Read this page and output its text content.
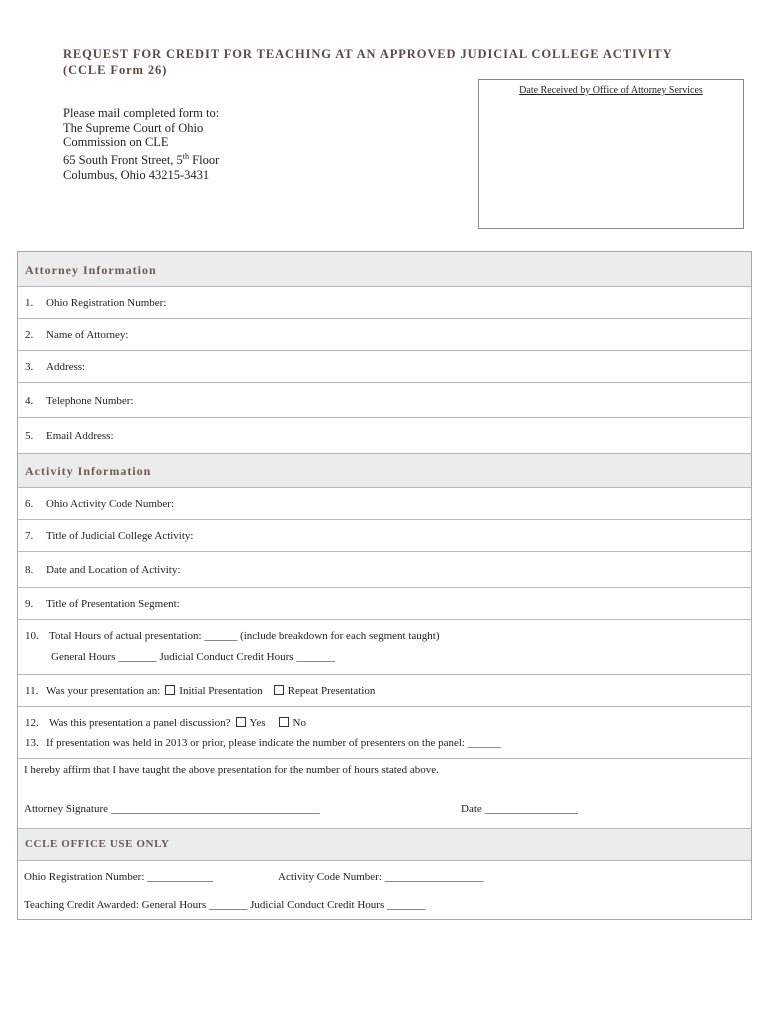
REQUEST FOR CREDIT FOR TEACHING AT AN APPROVED JUDICIAL COLLEGE ACTIVITY
(CCLE Form 26)
Please mail completed form to:
The Supreme Court of Ohio
Commission on CLE
65 South Front Street, 5th Floor
Columbus, Ohio 43215-3431
Date Received by Office of Attorney Services
Attorney Information
1. Ohio Registration Number:
2. Name of Attorney:
3. Address:
4. Telephone Number:
5. Email Address:
Activity Information
6. Ohio Activity Code Number:
7. Title of Judicial College Activity:
8. Date and Location of Activity:
9. Title of Presentation Segment:
10. Total Hours of actual presentation: ______ (include breakdown for each segment taught)
General Hours _______ Judicial Conduct Credit Hours _______
11. Was your presentation an: Initial Presentation Repeat Presentation
12. Was this presentation a panel discussion? Yes No
13. If presentation was held in 2013 or prior, please indicate the number of presenters on the panel: ______
I hereby affirm that I have taught the above presentation for the number of hours stated above.
Attorney Signature ______________________________________	Date _________________
CCLE OFFICE USE ONLY
Ohio Registration Number: ____________	Activity Code Number: __________________
Teaching Credit Awarded: General Hours _______ Judicial Conduct Credit Hours _______
